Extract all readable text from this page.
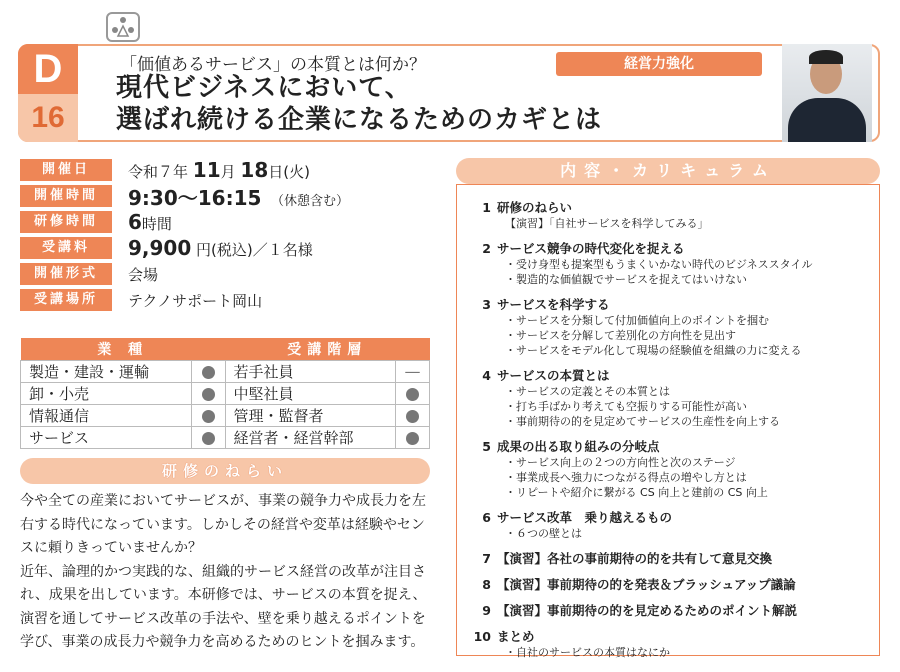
D
16
「価値あるサービス」の本質とは何か？
現代ビジネスにおいて、
選ばれ続ける企業になるためのカギとは
経営力強化
開催日	令和７年 11月 18日(火)
開催時間	9:30～16:15 （休憩含む）
研修時間	6時間
受講料	9,900 円(税込)／１名様
開催形式	会場
受講場所	テクノサポート岡山
業 種		受講階層	
製造・建設・運輸		若手社員	—
卸・小売		中堅社員	
情報通信		管理・監督者	
サービス		経営者・経営幹部	
研修のねらい

今や全ての産業においてサービスが、事業の競争力や成長力を左右する時代になっています。しかしその経営や変革は経験やセンスに頼りきっていませんか？

近年、論理的かつ実践的な、組織的サービス経営の改革が注目され、成果を出しています。本研修では、サービスの本質を捉え、演習を通してサービス改革の手法や、壁を乗り越えるポイントを学び、事業の成長力や競争力を高めるためのヒントを掴みます。

内容・カリキュラム
1 研修のねらい
【演習】「自社サービスを科学してみる」
2 サービス競争の時代変化を捉える
・受け身型も提案型もうまくいかない時代のビジネススタイル
・製造的な価値観でサービスを捉えてはいけない
3 サービスを科学する
・サービスを分類して付加価値向上のポイントを掴む
・サービスを分解して差別化の方向性を見出す
・サービスをモデル化して現場の経験値を組織の力に変える
4 サービスの本質とは
・サービスの定義とその本質とは
・打ち手ばかり考えても空振りする可能性が高い
・事前期待の的を見定めてサービスの生産性を向上する
5 成果の出る取り組みの分岐点
・サービス向上の２つの方向性と次のステージ
・事業成長へ強力につながる得点の増やし方とは
・リピートや紹介に繋がる CS 向上と建前の CS 向上
6 サービス改革　乗り越えるもの
・６つの壁とは
7 【演習】各社の事前期待の的を共有して意見交換
8 【演習】事前期待の的を発表＆ブラッシュアップ議論
9 【演習】事前期待の的を見定めるためのポイント解説
10 まとめ
・自社のサービスの本質はなにか
